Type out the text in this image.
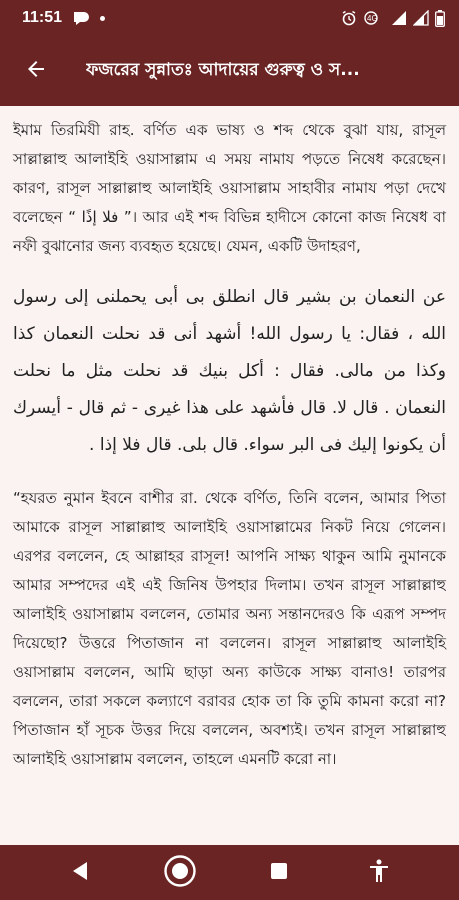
11:51	4G
ফজরের সুন্নাতঃ আদায়ের গুরুত্ব ও স...

ইমাম তিরমিযী রাহ. বর্ণিত এক ভাষ্য ও শব্দ থেকে বুঝা যায়, রাসূল সাল্লাল্লাহু আলাইহি ওয়াসাল্লাম এ সময় নামায পড়তে নিষেধ করেছেন। কারণ, রাসূল সাল্লাল্লাহু আলাইহি ওয়াসাল্লাম সাহাবীর নামায পড়া দেখে বলেছেন “ فلا إذًا ”। আর এই শব্দ বিভিন্ন হাদীসে কোনো কাজ নিষেধ বা নফী বুঝানোর জন্য ব্যবহৃত হয়েছে। যেমন, একটি উদাহরণ,

عن النعمان بن بشير قال انطلق بى أبى يحملنى إلى رسول الله ، فقال: يا رسول الله! أشهد أنى قد نحلت النعمان كذا وكذا من مالى. فقال : أكل بنيك قد نحلت مثل ما نحلت النعمان . قال لا. قال فأشهد على هذا غيرى - ثم قال - أيسرك أن يكونوا إليك فى البر سواء. قال بلى. قال فلا إذا .

“হযরত নুমান ইবনে বাশীর রা. থেকে বর্ণিত, তিনি বলেন, আমার পিতা আমাকে রাসূল সাল্লাল্লাহু আলাইহি ওয়াসাল্লামের নিকট নিয়ে গেলেন। এরপর বললেন, হে আল্লাহর রাসূল! আপনি সাক্ষ্য থাকুন আমি নুমানকে আমার সম্পদের এই এই জিনিষ উপহার দিলাম। তখন রাসূল সাল্লাল্লাহু আলাইহি ওয়াসাল্লাম বললেন, তোমার অন্য সন্তানদেরও কি এরূপ সম্পদ দিয়েছো? উত্তরে পিতাজান না বললেন। রাসূল সাল্লাল্লাহু আলাইহি ওয়াসাল্লাম বললেন, আমি ছাড়া অন্য কাউকে সাক্ষ্য বানাও! তারপর বললেন, তারা সকলে কল্যাণে বরাবর হোক তা কি তুমি কামনা করো না? পিতাজান হাঁ সূচক উত্তর দিয়ে বললেন, অবশ্যই। তখন রাসূল সাল্লাল্লাহু আলাইহি ওয়াসাল্লাম বললেন, তাহলে এমনটি করো না।
